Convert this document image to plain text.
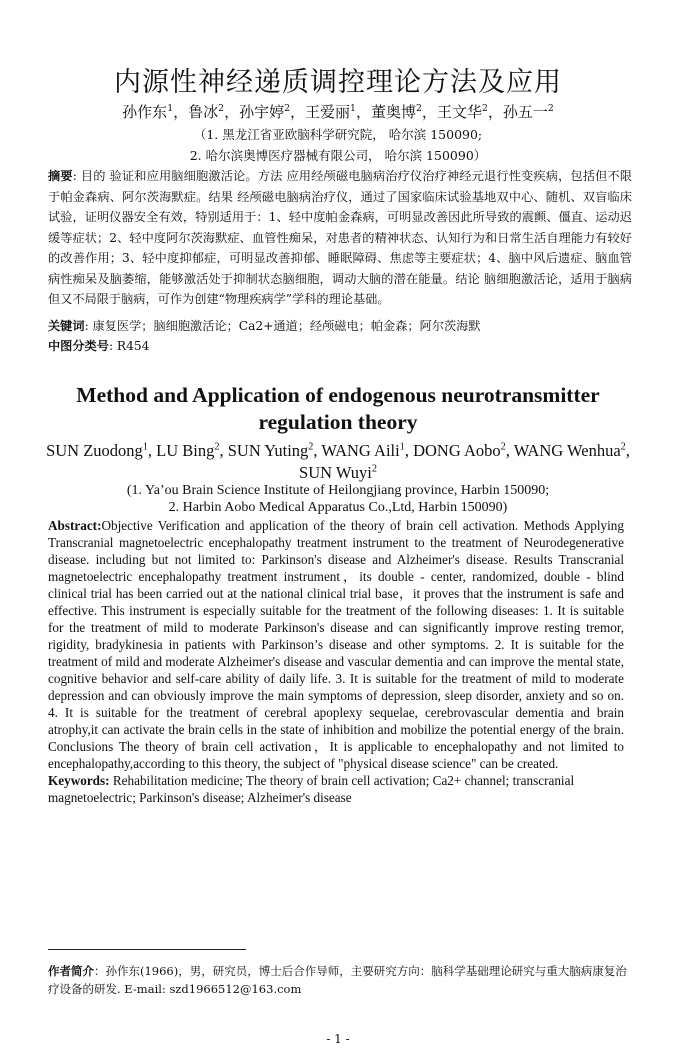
内源性神经递质调控理论方法及应用
孙作东$^1$，鲁冰$^2$，孙宇婷$^2$，王爱丽$^1$，董奥博$^2$，王文华$^2$，孙五一$^2$
（1. 黑龙江省亚欧脑科学研究院， 哈尔滨 150090;
2. 哈尔滨奥博医疗器械有限公司， 哈尔滨 150090）
摘要: 目的 验证和应用脑细胞激活论。方法 应用经颅磁电脑病治疗仪治疗神经元退行性变疾病，包括但不限于帕金森病、阿尔茨海默症。结果 经颅磁电脑病治疗仪，通过了国家临床试验基地双中心、随机、双盲临床试验，证明仪器安全有效，特别适用于：1、轻中度帕金森病，可明显改善因此所导致的震颤、僵直、运动迟缓等症状；2、轻中度阿尔茨海默症、血管性痴呆，对患者的精神状态、认知行为和日常生活自理能力有较好的改善作用；3、轻中度抑郁症，可明显改善抑郁、睡眠障碍、焦虑等主要症状；4、脑中风后遗症、脑血管病性痴呆及脑萎缩，能够激活处于抑制状态脑细胞，调动大脑的潜在能量。结论 脑细胞激活论，适用于脑病但又不局限于脑病，可作为创建“物理疾病学”学科的理论基础。
关键词: 康复医学；脑细胞激活论；Ca2+通道；经颅磁电；帕金森；阿尔茨海默
中图分类号: R454
Method and Application of endogenous neurotransmitter regulation theory
SUN Zuodong$^1$, LU Bing$^2$, SUN Yuting$^2$, WANG Aili$^1$, DONG Aobo$^2$, WANG Wenhua$^2$, SUN Wuyi$^2$
(1. Ya’ou Brain Science Institute of Heilongjiang province, Harbin 150090;
2. Harbin Aobo Medical Apparatus Co.,Ltd, Harbin 150090)
Abstract:Objective Verification and application of the theory of brain cell activation. Methods Applying Transcranial magnetoelectric encephalopathy treatment instrument to the treatment of Neurodegenerative disease. including but not limited to: Parkinson's disease and Alzheimer's disease. Results Transcranial magnetoelectric encephalopathy treatment instrument，its double - center, randomized, double - blind clinical trial has been carried out at the national clinical trial base，it proves that the instrument is safe and effective. This instrument is especially suitable for the treatment of the following diseases: 1. It is suitable for the treatment of mild to moderate Parkinson's disease and can significantly improve resting tremor, rigidity, bradykinesia in patients with Parkinson’s disease and other symptoms. 2. It is suitable for the treatment of mild and moderate Alzheimer's disease and vascular dementia and can improve the mental state, cognitive behavior and self-care ability of daily life. 3. It is suitable for the treatment of mild to moderate depression and can obviously improve the main symptoms of depression, sleep disorder, anxiety and so on. 4. It is suitable for the treatment of cerebral apoplexy sequelae, cerebrovascular dementia and brain atrophy,it can activate the brain cells in the state of inhibition and mobilize the potential energy of the brain. Conclusions The theory of brain cell activation，It is applicable to encephalopathy and not limited to encephalopathy,according to this theory, the subject of "physical disease science" can be created.
Keywords: Rehabilitation medicine; The theory of brain cell activation; Ca2+ channel; transcranial magnetoelectric; Parkinson's disease; Alzheimer's disease
作者简介：孙作东(1966)，男，研究员，博士后合作导师，主要研究方向：脑科学基础理论研究与重大脑病康复治疗设备的研发. E-mail: szd1966512@163.com
- 1 -
